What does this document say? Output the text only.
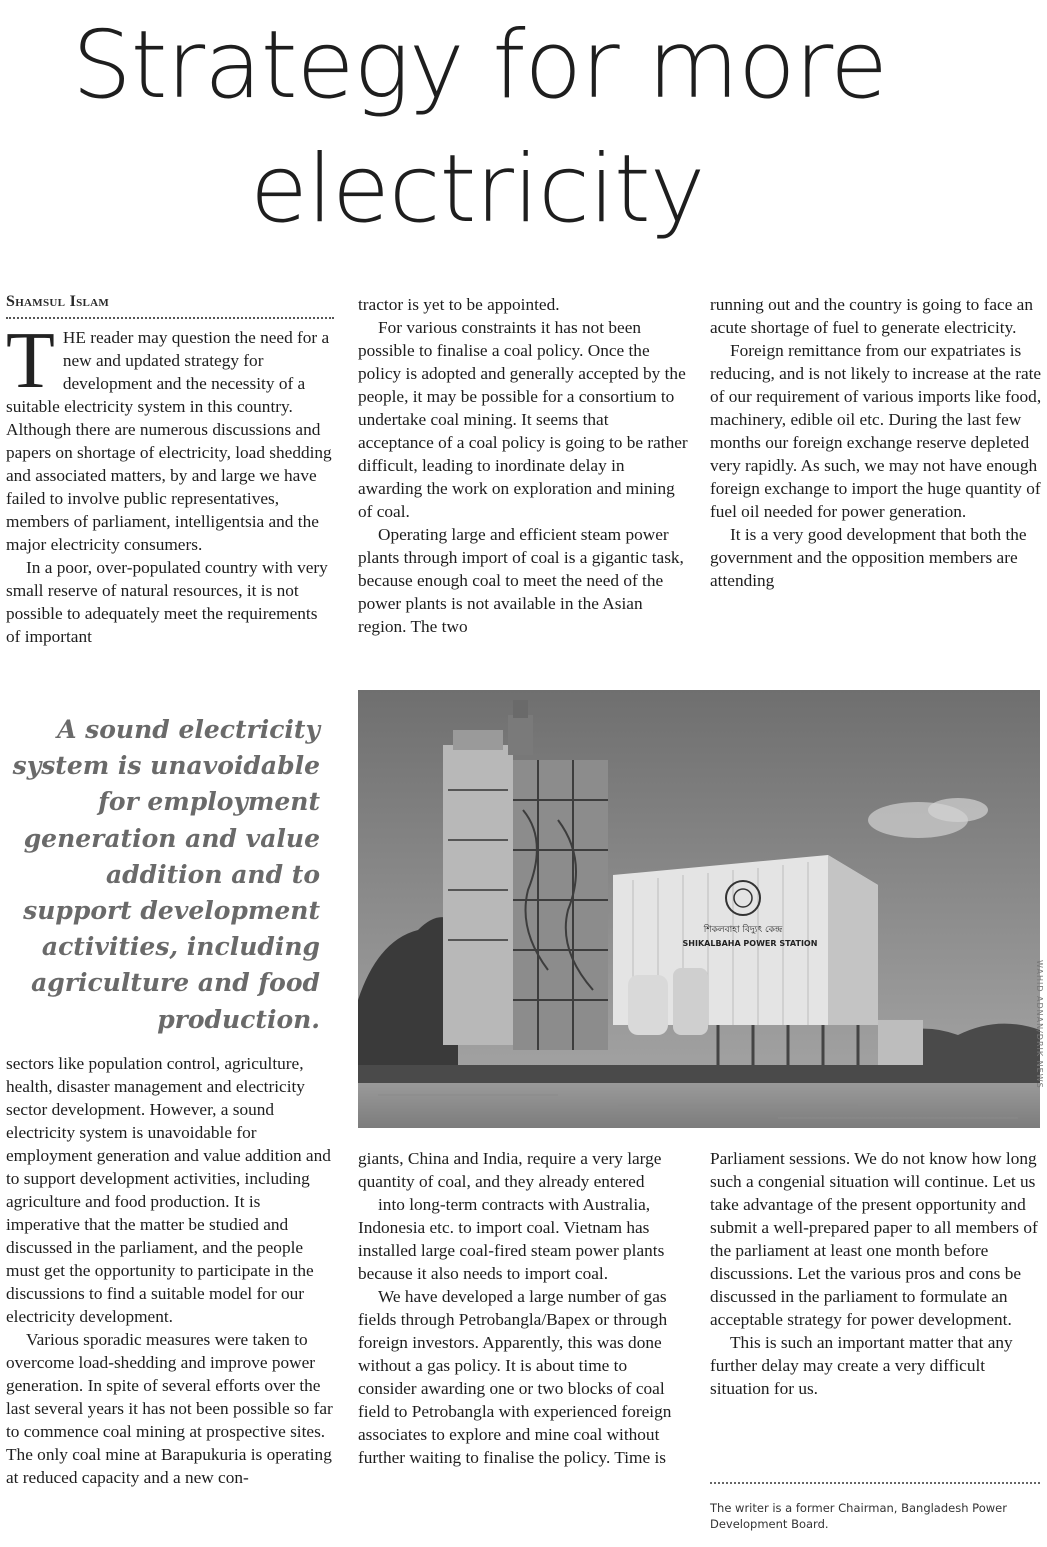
Strategy for more
electricity
Shamsul Islam
T HE reader may question the need for a new and updated strategy for development and the necessity of a suitable electricity system in this country. Although there are numerous discussions and papers on shortage of electricity, load shedding and associated matters, by and large we have failed to involve public representatives, members of parliament, intelligentsia and the major electricity consumers.

In a poor, over-populated country with very small reserve of natural resources, it is not possible to adequately meet the requirements of important

tractor is yet to be appointed.

For various constraints it has not been possible to finalise a coal policy. Once the policy is adopted and generally accepted by the people, it may be possible for a consortium to undertake coal mining. It seems that acceptance of a coal policy is going to be rather difficult, leading to inordinate delay in awarding the work on exploration and mining of coal.

Operating large and efficient steam power plants through import of coal is a gigantic task, because enough coal to meet the need of the power plants is not available in the Asian region. The two

running out and the country is going to face an acute shortage of fuel to generate electricity.

Foreign remittance from our expatriates is reducing, and is not likely to increase at the rate of our requirement of various imports like food, machinery, edible oil etc. During the last few months our foreign exchange reserve depleted very rapidly. As such, we may not have enough foreign exchange to import the huge quantity of fuel oil needed for power generation.

It is a very good development that both the government and the opposition members are attending

A sound electricity system is unavoidable for employment generation and value addition and to support development activities, including agriculture and food production.

শিকলবাহা বিদ্যুৎ কেন্দ্র
SHIKALBAHA POWER STATION
WAHID ADNAN/DRIK NEWS

sectors like population control, agriculture, health, disaster management and electricity sector development. However, a sound electricity system is unavoidable for employment generation and value addition and to support development activities, including agriculture and food production. It is imperative that the matter be studied and discussed in the parliament, and the people must get the opportunity to participate in the discussions to find a suitable model for our electricity development.

Various sporadic measures were taken to overcome load-shedding and improve power generation. In spite of several efforts over the last several years it has not been possible so far to commence coal mining at prospective sites. The only coal mine at Barapukuria is operating at reduced capacity and a new con-

giants, China and India, require a very large quantity of coal, and they already entered

into long-term contracts with Australia, Indonesia etc. to import coal. Vietnam has installed large coal-fired steam power plants because it also needs to import coal.

We have developed a large number of gas fields through Petrobangla/Bapex or through foreign investors. Apparently, this was done without a gas policy. It is about time to consider awarding one or two blocks of coal field to Petrobangla with experienced foreign associates to explore and mine coal without further waiting to finalise the policy. Time is

Parliament sessions. We do not know how long such a congenial situation will continue. Let us take advantage of the present opportunity and submit a well-prepared paper to all members of the parliament at least one month before discussions. Let the various pros and cons be discussed in the parliament to formulate an acceptable strategy for power development.

This is such an important matter that any further delay may create a very difficult situation for us.

The writer is a former Chairman, Bangladesh Power Development Board.
